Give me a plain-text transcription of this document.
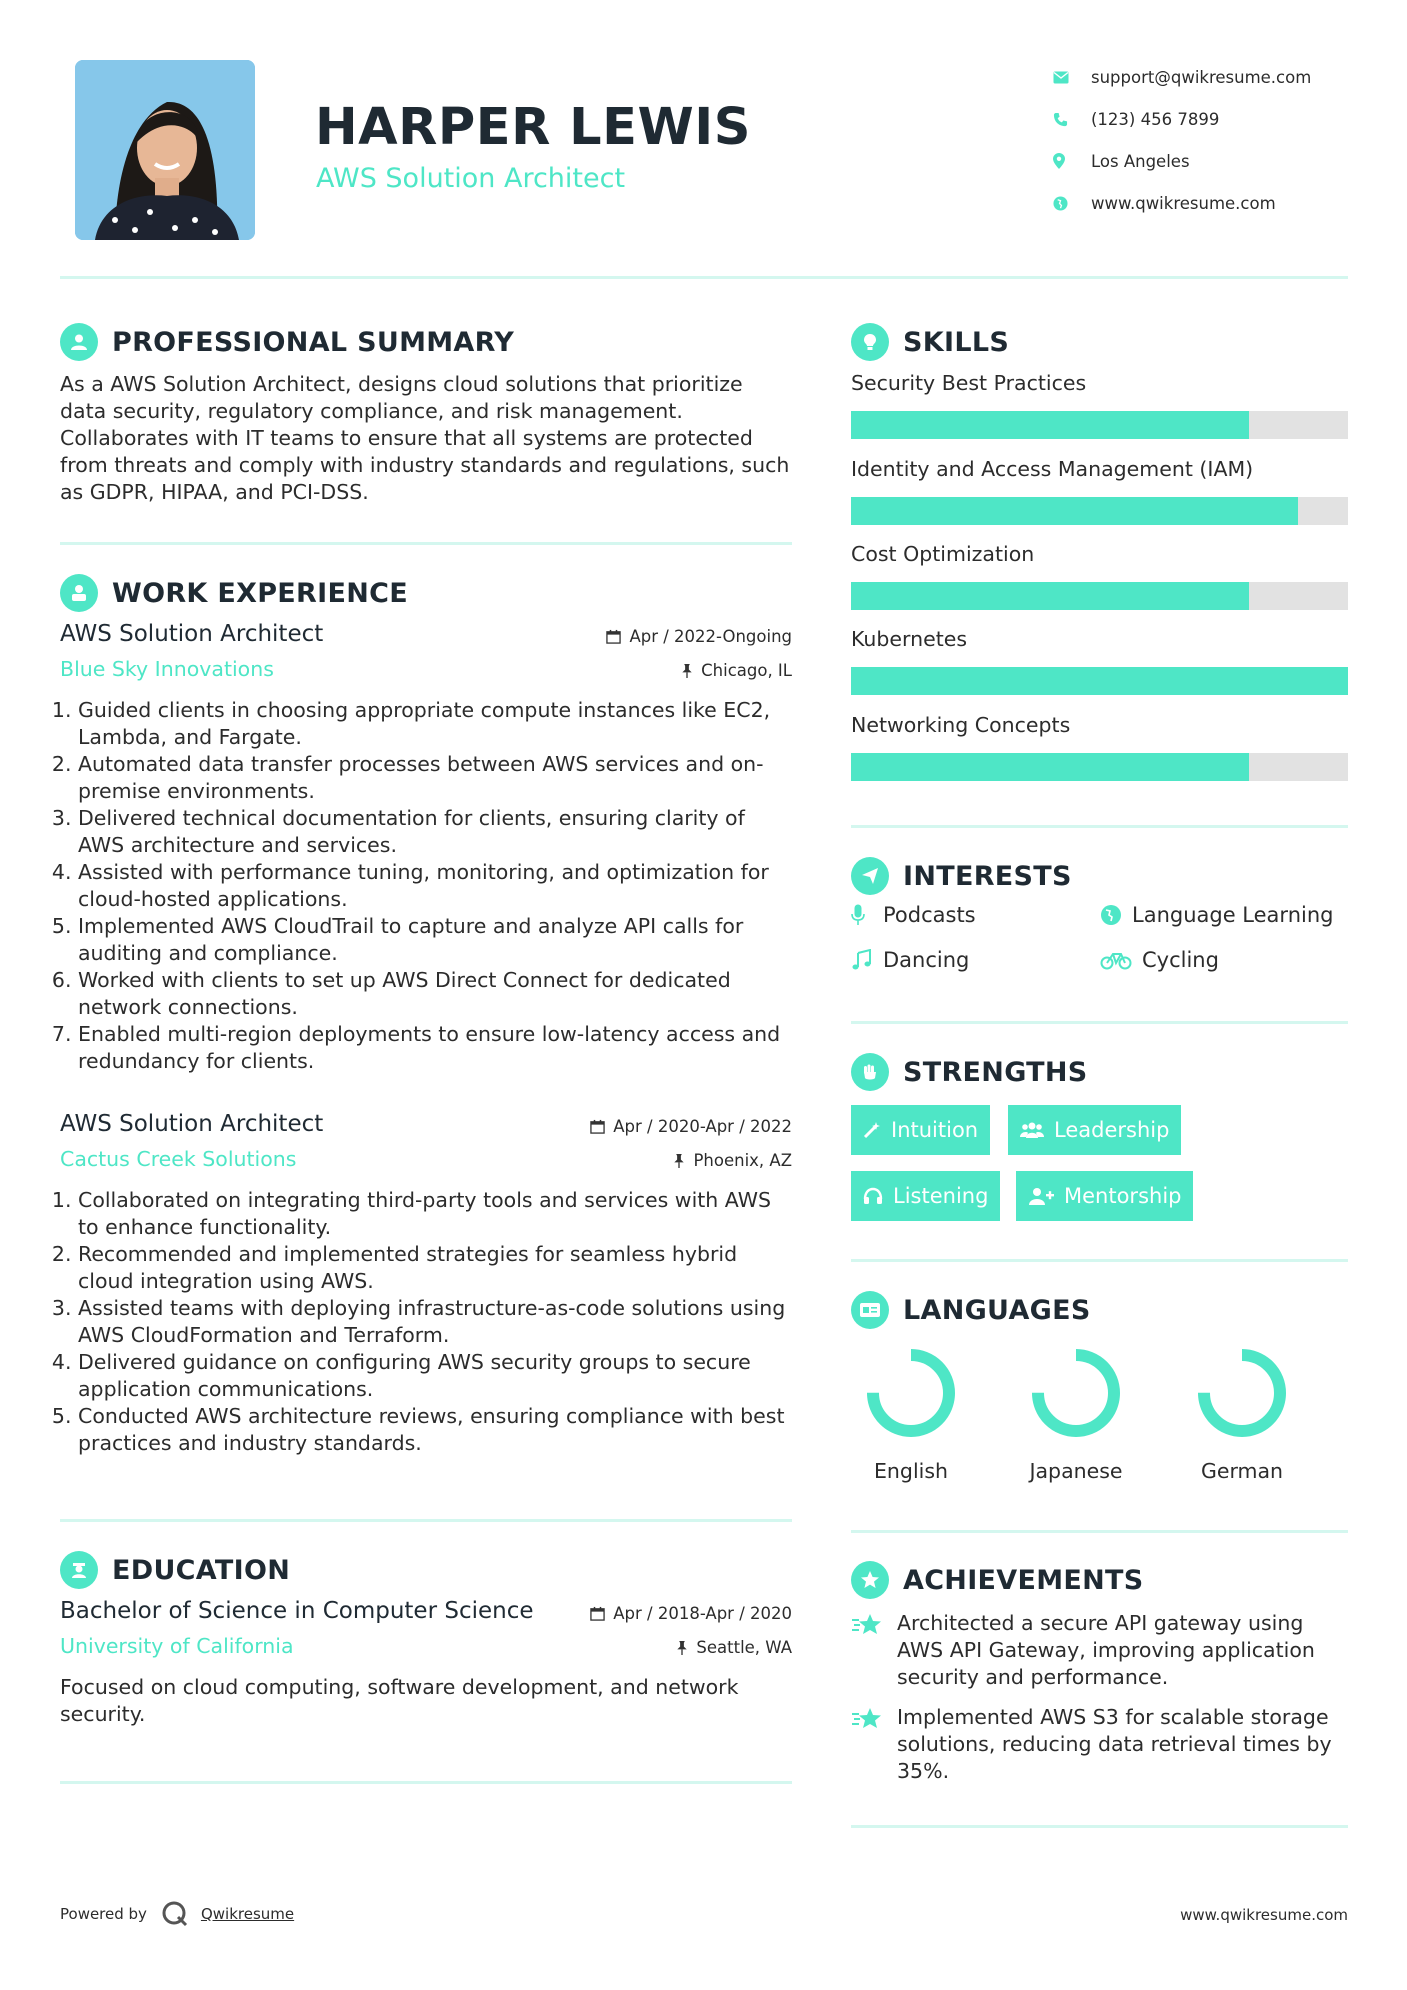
HARPER LEWIS
AWS Solution Architect
support@qwikresume.com
(123) 456 7899
Los Angeles
www.qwikresume.com
PROFESSIONAL SUMMARY
As a AWS Solution Architect, designs cloud solutions that prioritize data security, regulatory compliance, and risk management. Collaborates with IT teams to ensure that all systems are protected from threats and comply with industry standards and regulations, such as GDPR, HIPAA, and PCI-DSS.
WORK EXPERIENCE
AWS Solution Architect	Apr / 2022-Ongoing
Blue Sky Innovations	Chicago, IL
1. Guided clients in choosing appropriate compute instances like EC2, Lambda, and Fargate.
2. Automated data transfer processes between AWS services and on-premise environments.
3. Delivered technical documentation for clients, ensuring clarity of AWS architecture and services.
4. Assisted with performance tuning, monitoring, and optimization for cloud-hosted applications.
5. Implemented AWS CloudTrail to capture and analyze API calls for auditing and compliance.
6. Worked with clients to set up AWS Direct Connect for dedicated network connections.
7. Enabled multi-region deployments to ensure low-latency access and redundancy for clients.
AWS Solution Architect	Apr / 2020-Apr / 2022
Cactus Creek Solutions	Phoenix, AZ
1. Collaborated on integrating third-party tools and services with AWS to enhance functionality.
2. Recommended and implemented strategies for seamless hybrid cloud integration using AWS.
3. Assisted teams with deploying infrastructure-as-code solutions using AWS CloudFormation and Terraform.
4. Delivered guidance on configuring AWS security groups to secure application communications.
5. Conducted AWS architecture reviews, ensuring compliance with best practices and industry standards.
EDUCATION
Bachelor of Science in Computer Science	Apr / 2018-Apr / 2020
University of California	Seattle, WA
Focused on cloud computing, software development, and network security.
SKILLS
Security Best Practices
Identity and Access Management (IAM)
Cost Optimization
Kubernetes
Networking Concepts
INTERESTS
Podcasts	Language Learning
Dancing	Cycling
STRENGTHS
Intuition	Leadership
Listening	Mentorship
LANGUAGES
English	Japanese	German
ACHIEVEMENTS
Architected a secure API gateway using AWS API Gateway, improving application security and performance.
Implemented AWS S3 for scalable storage solutions, reducing data retrieval times by 35%.
Powered by	Qwikresume	www.qwikresume.com
